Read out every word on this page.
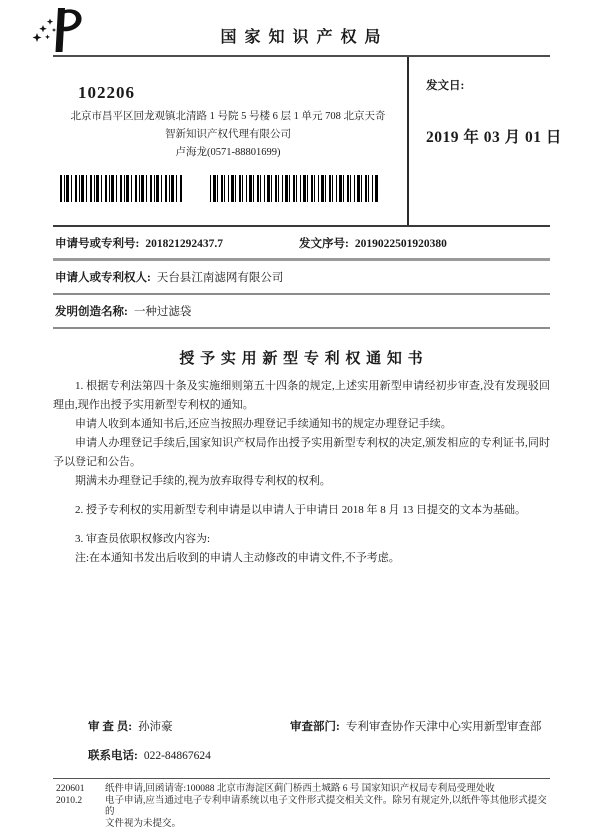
国 家 知 识 产 权 局
102206
北京市昌平区回龙观镇北清路 1 号院 5 号楼 6 层 1 单元 708 北京天奇
智新知识产权代理有限公司
卢海龙(0571-88801699)
发文日:
2019 年 03 月 01 日
申请号或专利号: 201821292437.7	发文序号: 2019022501920380
申请人或专利权人: 天台县江南滤网有限公司
发明创造名称: 一种过滤袋
授 予 实 用 新 型 专 利 权 通 知 书

1. 根据专利法第四十条及实施细则第五十四条的规定,上述实用新型申请经初步审查,没有发现驳回理由,现作出授予实用新型专利权的通知。

申请人收到本通知书后,还应当按照办理登记手续通知书的规定办理登记手续。

申请人办理登记手续后,国家知识产权局作出授予实用新型专利权的决定,颁发相应的专利证书,同时予以登记和公告。

期满未办理登记手续的,视为放弃取得专利权的权利。

2. 授予专利权的实用新型专利申请是以申请人于申请日 2018 年 8 月 13 日提交的文本为基础。

3. 审查员依职权修改内容为:

注:在本通知书发出后收到的申请人主动修改的申请文件,不予考虑。

审 查 员: 孙沛豪	审查部门: 专利审查协作天津中心实用新型审查部
联系电话: 022-84867624
220601
2010.2
纸件申请,回函请寄:100088 北京市海淀区蓟门桥西土城路 6 号 国家知识产权局专利局受理处收
电子申请,应当通过电子专利申请系统以电子文件形式提交相关文件。除另有规定外,以纸件等其他形式提交的
文件视为未提交。
